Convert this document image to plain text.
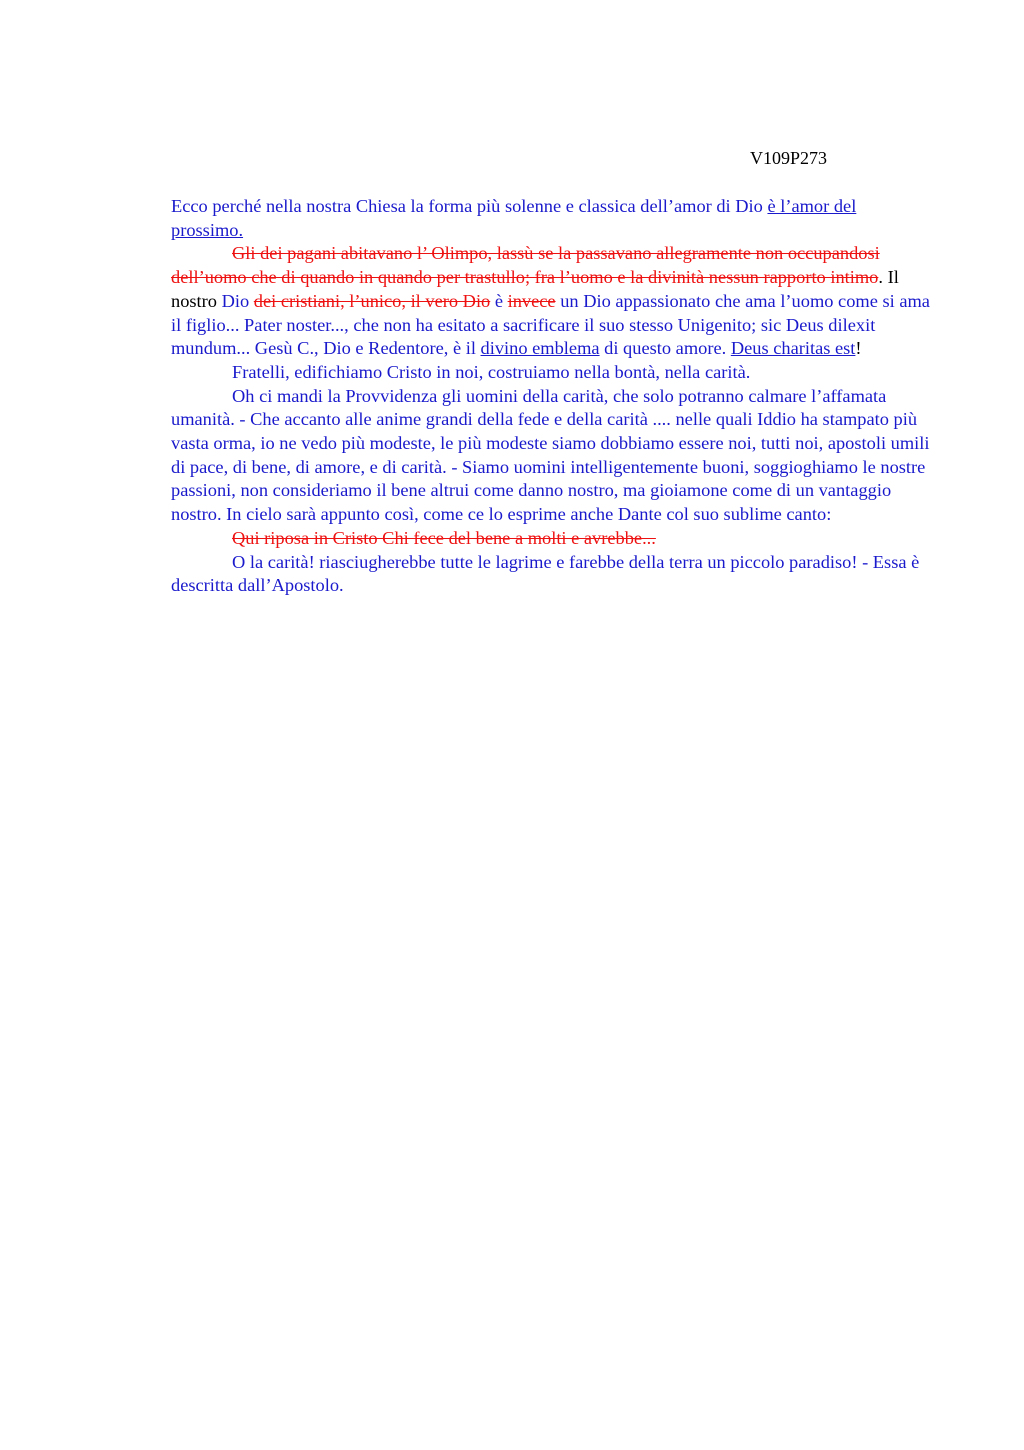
V109P273

Ecco perché nella nostra Chiesa la forma più solenne e classica dell’amor di Dio è l’amor del prossimo.

Gli dei pagani abitavano l’ Olimpo, lassù se la passavano allegramente non occupandosi dell’uomo che di quando in quando per trastullo; fra l’uomo e la divinità nessun rapporto intimo. Il nostro Dio dei cristiani, l’unico, il vero Dio è invece un Dio appassionato che ama l’uomo come si ama il figlio... Pater noster..., che non ha esitato a sacrificare il suo stesso Unigenito; sic Deus dilexit mundum... Gesù C., Dio e Redentore, è il divino emblema di questo amore. Deus charitas est!

Fratelli, edifichiamo Cristo in noi, costruiamo nella bontà, nella carità.

Oh ci mandi la Provvidenza gli uomini della carità, che solo potranno calmare l’affamata umanità. - Che accanto alle anime grandi della fede e della carità .... nelle quali Iddio ha stampato più vasta orma, io ne vedo più modeste, le più modeste siamo dobbiamo essere noi, tutti noi, apostoli umili di pace, di bene, di amore, e di carità. - Siamo uomini intelligentemente buoni, soggioghiamo le nostre passioni, non consideriamo il bene altrui come danno nostro, ma gioiamone come di un vantaggio nostro. In cielo sarà appunto così, come ce lo esprime anche Dante col suo sublime canto:

Qui riposa in Cristo Chi fece del bene a molti e avrebbe...

O la carità! riasciugherebbe tutte le lagrime e farebbe della terra un piccolo paradiso! - Essa è descritta dall’Apostolo.
